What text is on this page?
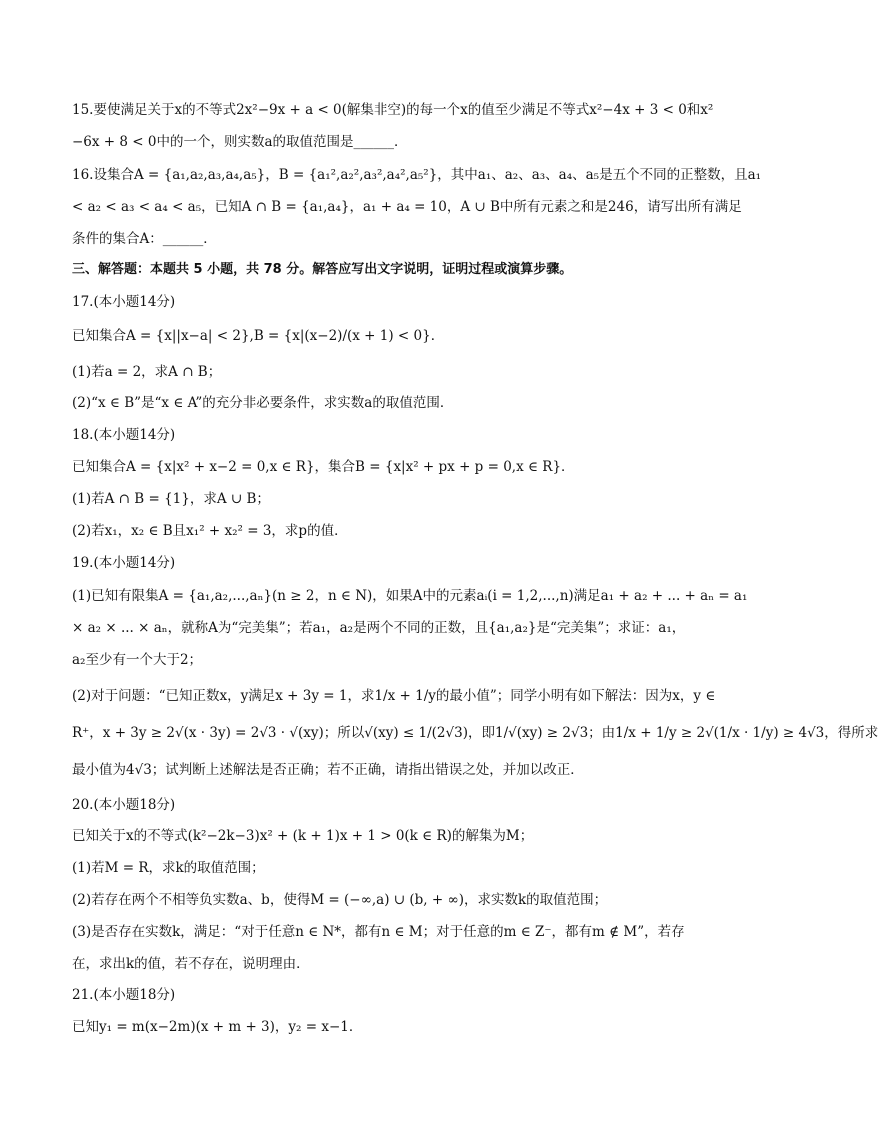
15.要使满足关于x的不等式2x²−9x + a < 0(解集非空)的每一个x的值至少满足不等式x²−4x + 3 < 0和x²
−6x + 8 < 0中的一个，则实数a的取值范围是______．
16.设集合A = {a₁,a₂,a₃,a₄,a₅}，B = {a₁²,a₂²,a₃²,a₄²,a₅²}，其中a₁、a₂、a₃、a₄、a₅是五个不同的正整数，且a₁
< a₂ < a₃ < a₄ < a₅，已知A ∩ B = {a₁,a₄}，a₁ + a₄ = 10，A ∪ B中所有元素之和是246，请写出所有满足
条件的集合A：______．
三、解答题：本题共 5 小题，共 78 分。解答应写出文字说明，证明过程或演算步骤。
17.(本小题14分)
已知集合A = {x||x−a| < 2},B = {x|(x−2)/(x + 1) < 0}．
(1)若a = 2，求A ∩ B；
(2)“x ∈ B”是“x ∈ A”的充分非必要条件，求实数a的取值范围．
18.(本小题14分)
已知集合A = {x|x² + x−2 = 0,x ∈ R}，集合B = {x|x² + px + p = 0,x ∈ R}．
(1)若A ∩ B = {1}，求A ∪ B；
(2)若x₁，x₂ ∈ B且x₁² + x₂² = 3，求p的值．
19.(本小题14分)
(1)已知有限集A = {a₁,a₂,...,aₙ}(n ≥ 2，n ∈ N)，如果A中的元素aᵢ(i = 1,2,...,n)满足a₁ + a₂ + ... + aₙ = a₁
× a₂ × ... × aₙ，就称A为“完美集”；若a₁，a₂是两个不同的正数，且{a₁,a₂}是“完美集”；求证：a₁，
a₂至少有一个大于2；
(2)对于问题：“已知正数x，y满足x + 3y = 1，求1/x + 1/y的最小值”；同学小明有如下解法：因为x，y ∈
R⁺，x + 3y ≥ 2√(x · 3y) = 2√3 · √(xy)；所以√(xy) ≤ 1/(2√3)，即1/√(xy) ≥ 2√3；由1/x + 1/y ≥ 2√(1/x · 1/y) ≥ 4√3，得所求
最小值为4√3；试判断上述解法是否正确；若不正确，请指出错误之处，并加以改正．
20.(本小题18分)
已知关于x的不等式(k²−2k−3)x² + (k + 1)x + 1 > 0(k ∈ R)的解集为M；
(1)若M = R，求k的取值范围；
(2)若存在两个不相等负实数a、b，使得M = (−∞,a) ∪ (b, + ∞)，求实数k的取值范围；
(3)是否存在实数k，满足：“对于任意n ∈ N*，都有n ∈ M；对于任意的m ∈ Z⁻，都有m ∉ M”，若存
在，求出k的值，若不存在，说明理由．
21.(本小题18分)
已知y₁ = m(x−2m)(x + m + 3)，y₂ = x−1．
